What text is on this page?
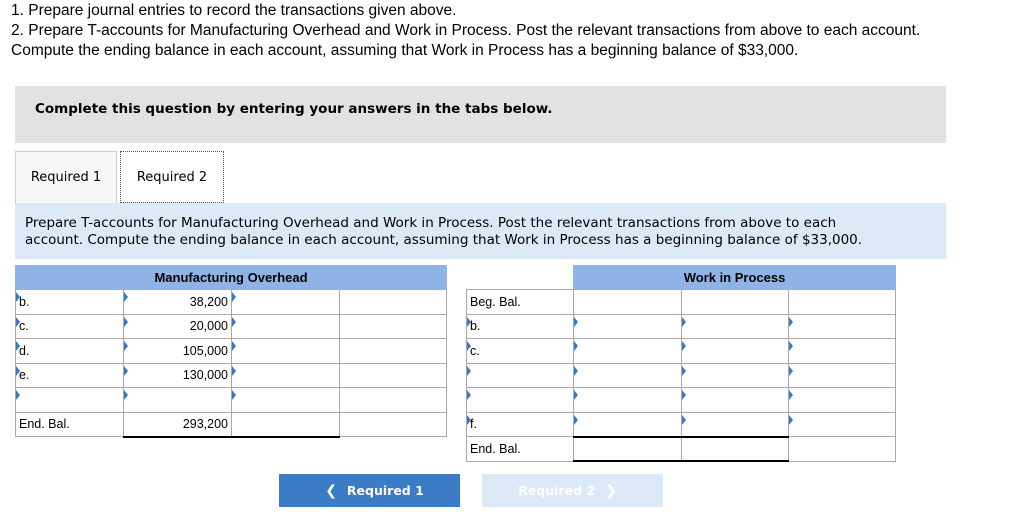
1. Prepare journal entries to record the transactions given above.
2. Prepare T-accounts for Manufacturing Overhead and Work in Process. Post the relevant transactions from above to each account.
Compute the ending balance in each account, assuming that Work in Process has a beginning balance of $33,000.
Complete this question by entering your answers in the tabs below.
Required 1	Required 2
Prepare T-accounts for Manufacturing Overhead and Work in Process. Post the relevant transactions from above to each
account. Compute the ending balance in each account, assuming that Work in Process has a beginning balance of $33,000.
Manufacturing Overhead			
b.	38,200		
c.	20,000		
d.	105,000		
e.	130,000		

End. Bal.	293,200		
	Work in Process		
Beg. Bal.			
b.			
c.			

f.			
End. Bal.			
❮ Required 1	Required 2 ❯
